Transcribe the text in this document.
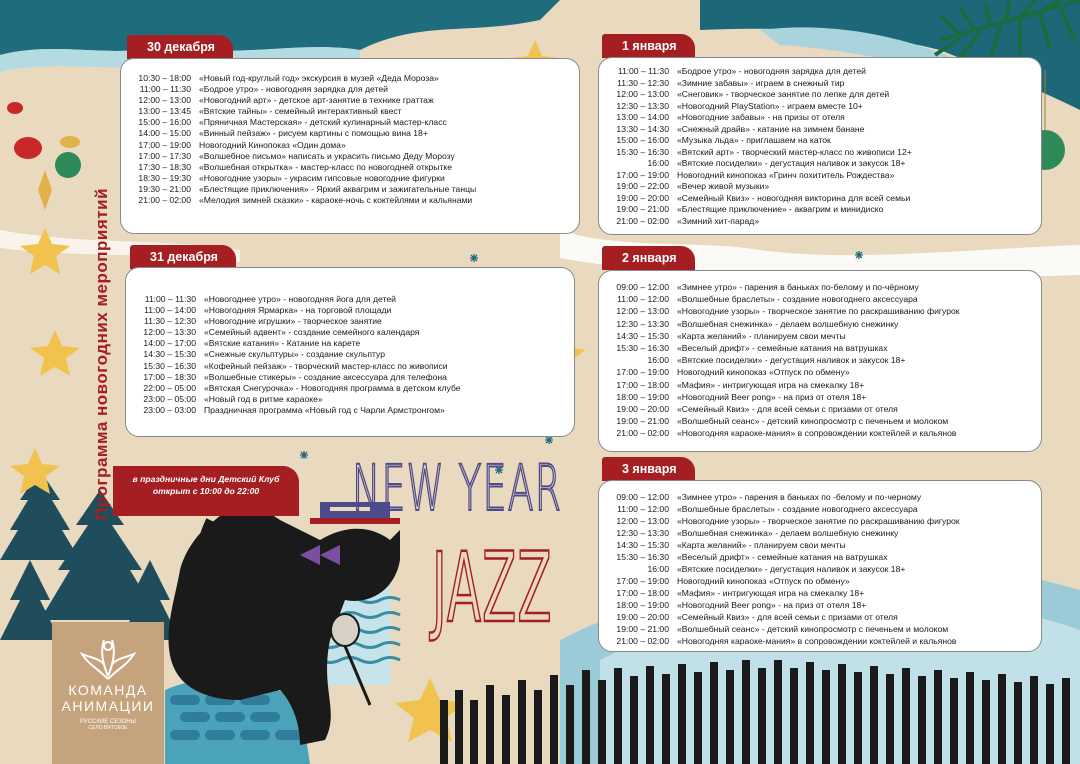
Программа новогодних мероприятий
30 декабря
10:30 – 18:00 «Новый год-круглый год» экскурсия в музей «Деда Мороза»
11:00 – 11:30 «Бодрое утро» - новогодняя зарядка для детей
12:00 – 13:00 «Новогодний арт» - детское арт-занятие в технике граттаж
13:00 – 13:45 «Вятские тайны» - семейный интерактивный квест
15:00 – 16:00 «Пряничная Мастерская» - детский кулинарный мастер-класс
14:00 – 15:00 «Винный пейзаж» - рисуем картины с помощью вина 18+
17:00 – 19:00 Новогодний Кинопоказ «Один дома»
17:00 – 17:30 «Волшебное письмо» написать и украсить письмо Деду Морозу
17:30 – 18:30 «Волшебная открытка» - мастер-класс по новогодней открытке
18:30 – 19:30 «Новогодние узоры» - украсим гипсовые новогодние фигурки
19:30 – 21:00 «Блестящие приключения» - Яркий аквагрим и зажигательные танцы
21:00 – 02:00 «Мелодия зимней сказки» - караоке-ночь с коктейлями и кальянами
31 декабря
11:00 – 11:30 «Новогоднее утро» - новогодняя йога для детей
11:00 – 14:00 «Новогодняя Ярмарка» - на торговой площади
11:30 – 12:30 «Новогодние игрушки» - творческое занятие
12:00 – 13:30 «Семейный адвент» - создание семейного календаря
14:00 – 17:00 «Вятские катания» - Катание на карете
14:30 – 15:30 «Снежные скульптуры» - создание скульптур
15:30 – 16:30 «Кофейный пейзаж» - творческий мастер-класс по живописи
17:00 – 18:30 «Волшебные стикеры» - создание аксессуара для телефона
22:00 – 05:00 «Вятская Снегурочка» - Новогодняя программа в детском клубе
23:00 – 05:00 «Новый год в ритме караоке»
23:00 – 03:00 Праздничная программа «Новый год с Чарли Армстронгом»
1 января
11:00 – 11:30 «Бодрое утро» - новогодняя зарядка для детей
11:30 – 12:30 «Зимние забавы» - играем в снежный тир
12:00 – 13:00 «Снеговик» - творческое занятие по лепке для детей
12:30 – 13:30 «Новогодний PlayStation» - играем вместе 10+
13:00 – 14:00 «Новогодние забавы» - на призы от отеля
13:30 – 14:30 «Снежный драйв» - катание на зимнем банане
15:00 – 16:00 «Музыка льда» - приглашаем на каток
15:30 – 16:30 «Вятский арт» - творческий мастер-класс по живописи 12+
16:00 «Вятские посиделки» - дегустация наливок и закусок 18+
17:00 – 19:00 Новогодний кинопоказ «Гринч похититель Рождества»
19:00 – 22:00 «Вечер живой музыки»
19:00 – 20:00 «Семейный Квиз» - новогодняя викторина для всей семьи
19:00 – 21:00 «Блестящие приключение» - аквагрим и минидиско
21:00 – 02:00 «Зимний хит-парад»
2 января
09:00 – 12:00 «Зимнее утро» - парения в баньках по-белому и по-чёрному
11:00 – 12:00 «Волшебные браслеты» - создание новогоднего аксессуара
12:00 – 13:00 «Новогодние узоры» - творческое занятие по раскрашиванию фигурок
12:30 – 13:30 «Волшебная снежинка» - делаем волшебную снежинку
14:30 – 15:30 «Карта желаний» - планируем свои мечты
15:30 – 16:30 «Веселый дрифт» - семейные катания на ватрушках
16:00 «Вятские посиделки» - дегустация наливок и закусок 18+
17:00 – 19:00 Новогодний кинопоказ «Отпуск по обмену»
17:00 – 18:00 «Мафия» - интригующая игра на смекалку 18+
18:00 – 19:00 «Новогодний Beer pong» - на приз от отеля 18+
19:00 – 20:00 «Семейный Квиз» - для всей семьи с призами от отеля
19:00 – 21:00 «Волшебный сеанс» - детский кинопросмотр с печеньем и молоком
21:00 – 02:00 «Новогодняя караоке-мания» в сопровождении коктейлей и кальянов
3 января
09:00 – 12:00 «Зимнее утро» - парения в баньках по -белому и по-черному
11:00 – 12:00 «Волшебные браслеты» - создание новогоднего аксессуара
12:00 – 13:00 «Новогодние узоры» - творческое занятие по раскрашиванию фигурок
12:30 – 13:30 «Волшебная снежинка» - делаем волшебную снежинку
14:30 – 15:30 «Карта желаний» - планируем свои мечты
15:30 – 16:30 «Веселый дрифт» - семейные катания на ватрушках
16:00 «Вятские посиделки» - дегустация наливок и закусок 18+
17:00 – 19:00 Новогодний кинопоказ «Отпуск по обмену»
17:00 – 18:00 «Мафия» - интригующая игра на смекалку 18+
18:00 – 19:00 «Новогодний Beer pong» - на приз от отеля 18+
19:00 – 20:00 «Семейный Квиз» - для всей семьи с призами от отеля
19:00 – 21:00 «Волшебный сеанс» - детский кинопросмотр с печеньем и молоком
21:00 – 02:00 «Новогодняя караоке-мания» в сопровождении коктейлей и кальянов
в праздничные дни Детский Клуб открыт с 10:00 до 22:00	NEW YEAR
JAZZ
КОМАНДА
АНИМАЦИИ
РУССКИЕ СЕЗОНЫ
СЕЛО ВЯТСКОЕ
